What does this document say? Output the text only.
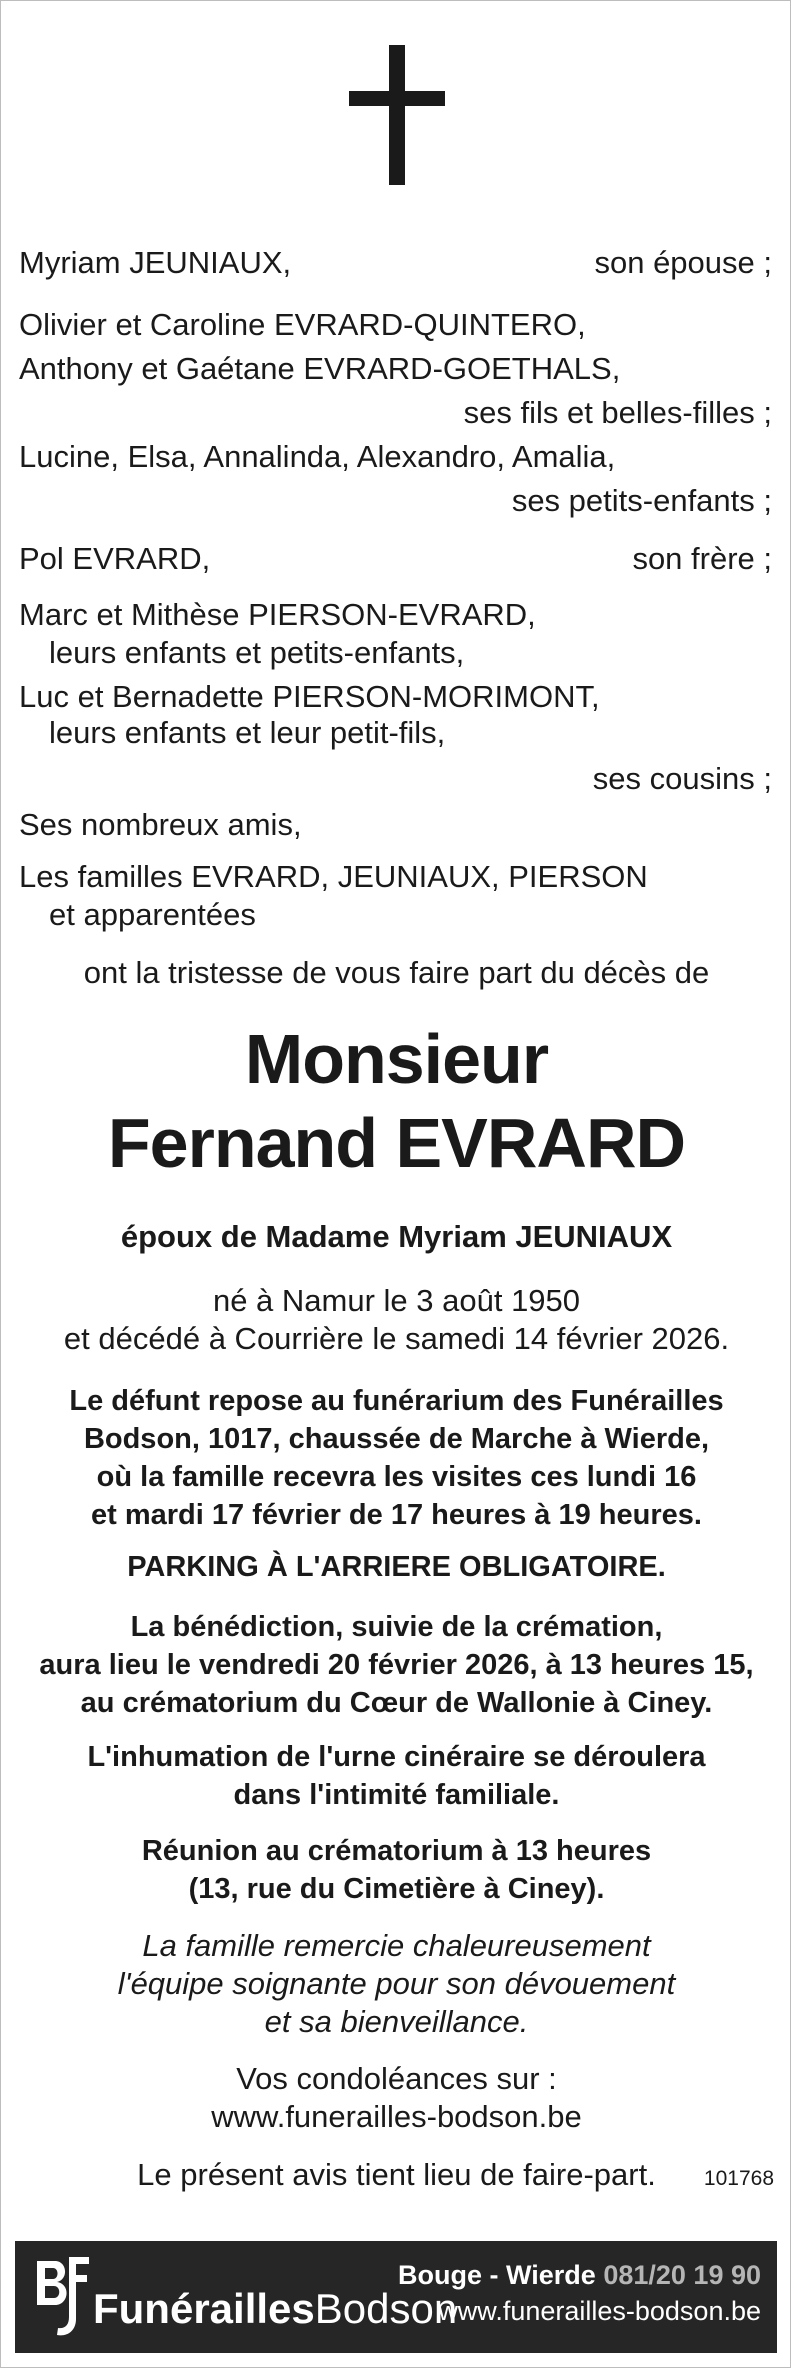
Myriam JEUNIAUX,	son épouse ;
Olivier et Caroline EVRARD-QUINTERO,
Anthony et Gaétane EVRARD-GOETHALS,
ses fils et belles-filles ;
Lucine, Elsa, Annalinda, Alexandro, Amalia,
ses petits-enfants ;
Pol EVRARD,	son frère ;
Marc et Mithèse PIERSON-EVRARD,
leurs enfants et petits-enfants,
Luc et Bernadette PIERSON-MORIMONT,
leurs enfants et leur petit-fils,
ses cousins ;
Ses nombreux amis,
Les familles EVRARD, JEUNIAUX, PIERSON
et apparentées
ont la tristesse de vous faire part du décès de
Monsieur
Fernand EVRARD
époux de Madame Myriam JEUNIAUX
né à Namur le 3 août 1950
et décédé à Courrière le samedi 14 février 2026.
Le défunt repose au funérarium des Funérailles
Bodson, 1017, chaussée de Marche à Wierde,
où la famille recevra les visites ces lundi 16
et mardi 17 février de 17 heures à 19 heures.
PARKING À L'ARRIERE OBLIGATOIRE.
La bénédiction, suivie de la crémation,
aura lieu le vendredi 20 février 2026, à 13 heures 15,
au crématorium du Cœur de Wallonie à Ciney.
L'inhumation de l'urne cinéraire se déroulera
dans l'intimité familiale.
Réunion au crématorium à 13 heures
(13, rue du Cimetière à Ciney).
La famille remercie chaleureusement
l'équipe soignante pour son dévouement
et sa bienveillance.
Vos condoléances sur :
www.funerailles-bodson.be
Le présent avis tient lieu de faire-part.	101768
FunéraillesBodson
Bouge - Wierde 081/20 19 90
www.funerailles-bodson.be
